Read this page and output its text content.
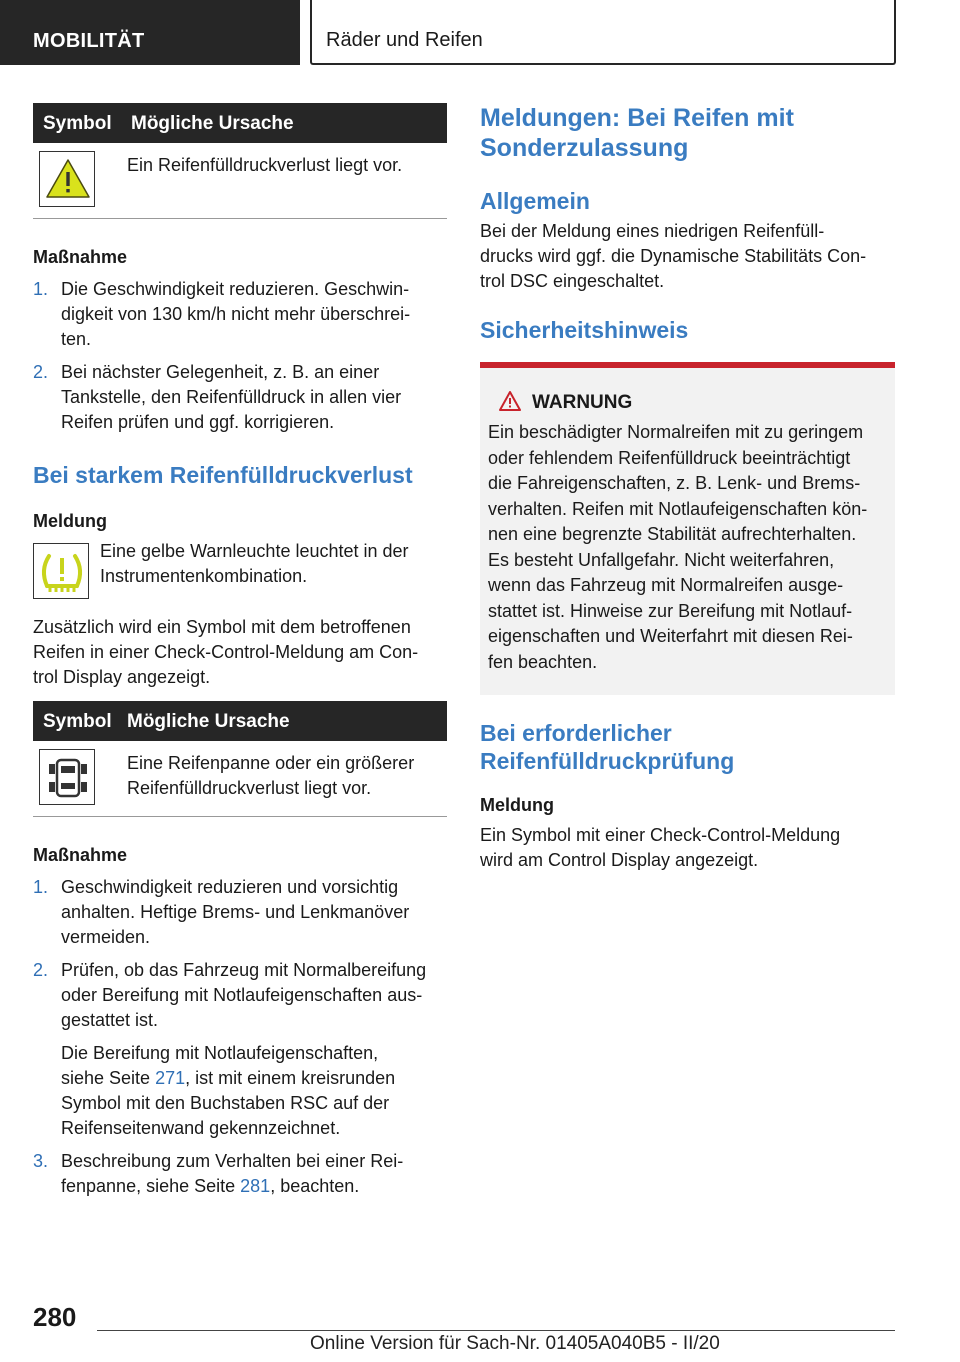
MOBILITÄT	Räder und Reifen
Symbol Mögliche Ursache
Ein Reifenfülldruckverlust liegt vor.
Maßnahme
1. Die Geschwindigkeit reduzieren. Geschwin-
digkeit von 130 km/h nicht mehr überschrei-
ten.
2. Bei nächster Gelegenheit, z. B. an einer
Tankstelle, den Reifenfülldruck in allen vier
Reifen prüfen und ggf. korrigieren.
Bei starkem Reifenfülldruckverlust
Meldung
Eine gelbe Warnleuchte leuchtet in der
Instrumentenkombination.

Zusätzlich wird ein Symbol mit dem betroffenen
Reifen in einer Check-Control-Meldung am Con-
trol Display angezeigt.

Symbol Mögliche Ursache
Eine Reifenpanne oder ein größerer
Reifenfülldruckverlust liegt vor.
Maßnahme
1. Geschwindigkeit reduzieren und vorsichtig
anhalten. Heftige Brems- und Lenkmanöver
vermeiden.
2. Prüfen, ob das Fahrzeug mit Normalbereifung
oder Bereifung mit Notlaufeigenschaften aus-
gestattet ist.
Die Bereifung mit Notlaufeigenschaften,
siehe Seite 271, ist mit einem kreisrunden
Symbol mit den Buchstaben RSC auf der
Reifenseitenwand gekennzeichnet.
3. Beschreibung zum Verhalten bei einer Rei-
fenpanne, siehe Seite 281, beachten.
Meldungen: Bei Reifen mit
Sonderzulassung
Allgemein

Bei der Meldung eines niedrigen Reifenfüll-
drucks wird ggf. die Dynamische Stabilitäts Con-
trol DSC eingeschaltet.

Sicherheitshinweis
WARNUNG
Ein beschädigter Normalreifen mit zu geringem
oder fehlendem Reifenfülldruck beeinträchtigt
die Fahreigenschaften, z. B. Lenk- und Brems-
verhalten. Reifen mit Notlaufeigenschaften kön-
nen eine begrenzte Stabilität aufrechterhalten.
Es besteht Unfallgefahr. Nicht weiterfahren,
wenn das Fahrzeug mit Normalreifen ausge-
stattet ist. Hinweise zur Bereifung mit Notlauf-
eigenschaften und Weiterfahrt mit diesen Rei-
fen beachten.
Bei erforderlicher
Reifenfülldruckprüfung
Meldung

Ein Symbol mit einer Check-Control-Meldung
wird am Control Display angezeigt.

280
Online Version für Sach-Nr. 01405A040B5 - II/20
